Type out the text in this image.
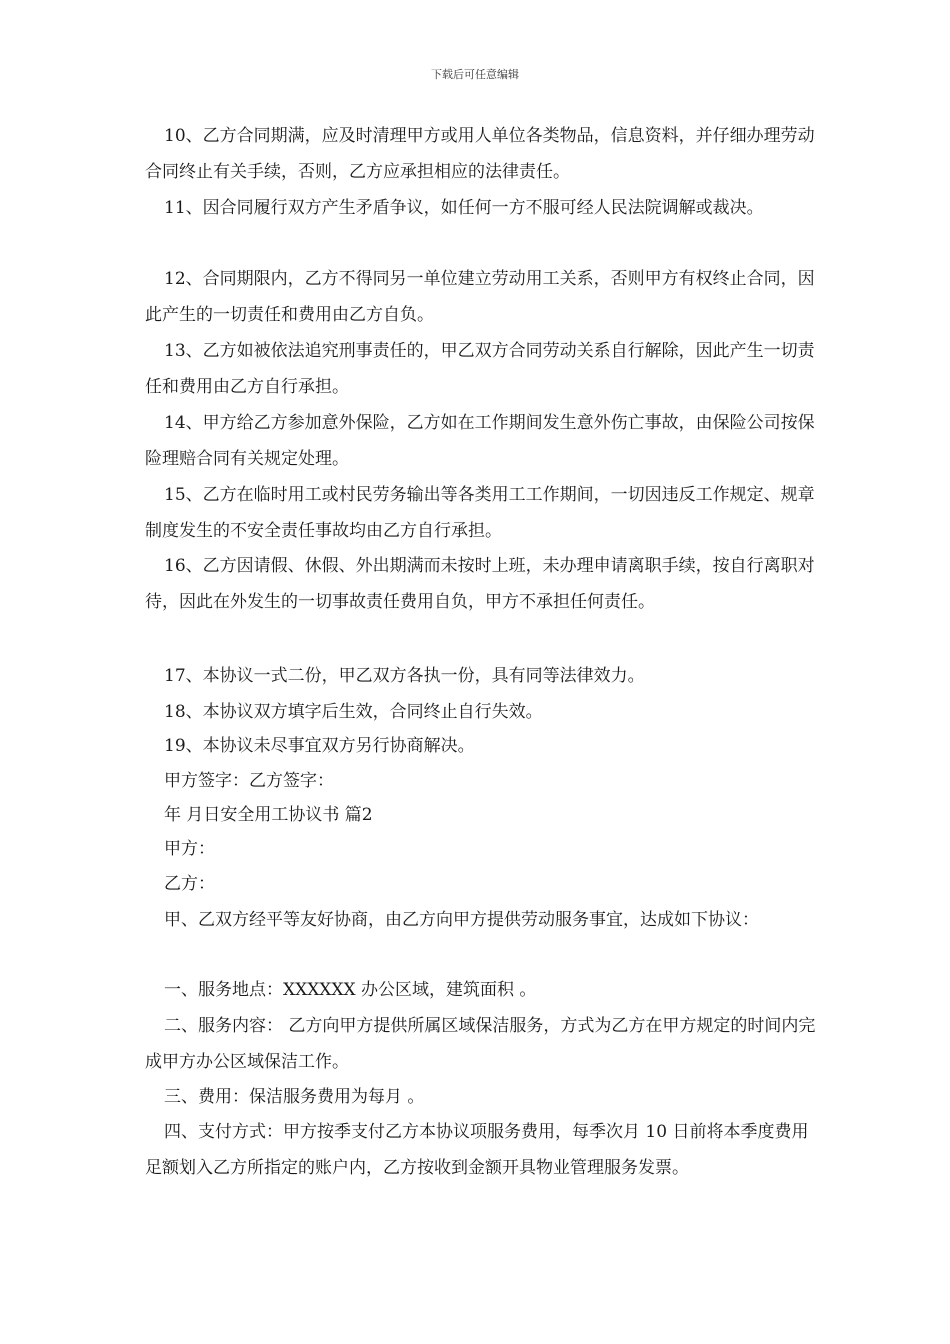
下载后可任意编辑

10、乙方合同期满，应及时清理甲方或用人单位各类物品，信息资料，并仔细办理劳动合同终止有关手续，否则，乙方应承担相应的法律责任。

11、因合同履行双方产生矛盾争议，如任何一方不服可经人民法院调解或裁决。

12、合同期限内，乙方不得同另一单位建立劳动用工关系，否则甲方有权终止合同，因此产生的一切责任和费用由乙方自负。

13、乙方如被依法追究刑事责任的，甲乙双方合同劳动关系自行解除，因此产生一切责任和费用由乙方自行承担。

14、甲方给乙方参加意外保险，乙方如在工作期间发生意外伤亡事故，由保险公司按保险理赔合同有关规定处理。

15、乙方在临时用工或村民劳务输出等各类用工工作期间，一切因违反工作规定、规章制度发生的不安全责任事故均由乙方自行承担。

16、乙方因请假、休假、外出期满而未按时上班，未办理申请离职手续，按自行离职对待，因此在外发生的一切事故责任费用自负，甲方不承担任何责任。

17、本协议一式二份，甲乙双方各执一份，具有同等法律效力。

18、本协议双方填字后生效，合同终止自行失效。

19、本协议未尽事宜双方另行协商解决。

甲方签字：乙方签字：

年 月日安全用工协议书 篇2

甲方：

乙方：

甲、乙双方经平等友好协商，由乙方向甲方提供劳动服务事宜，达成如下协议：

一、服务地点：XXXXXX 办公区域，建筑面积 。

二、服务内容： 乙方向甲方提供所属区域保洁服务，方式为乙方在甲方规定的时间内完成甲方办公区域保洁工作。

三、费用：保洁服务费用为每月 。

四、支付方式：甲方按季支付乙方本协议项服务费用，每季次月 10 日前将本季度费用足额划入乙方所指定的账户内，乙方按收到金额开具物业管理服务发票。
